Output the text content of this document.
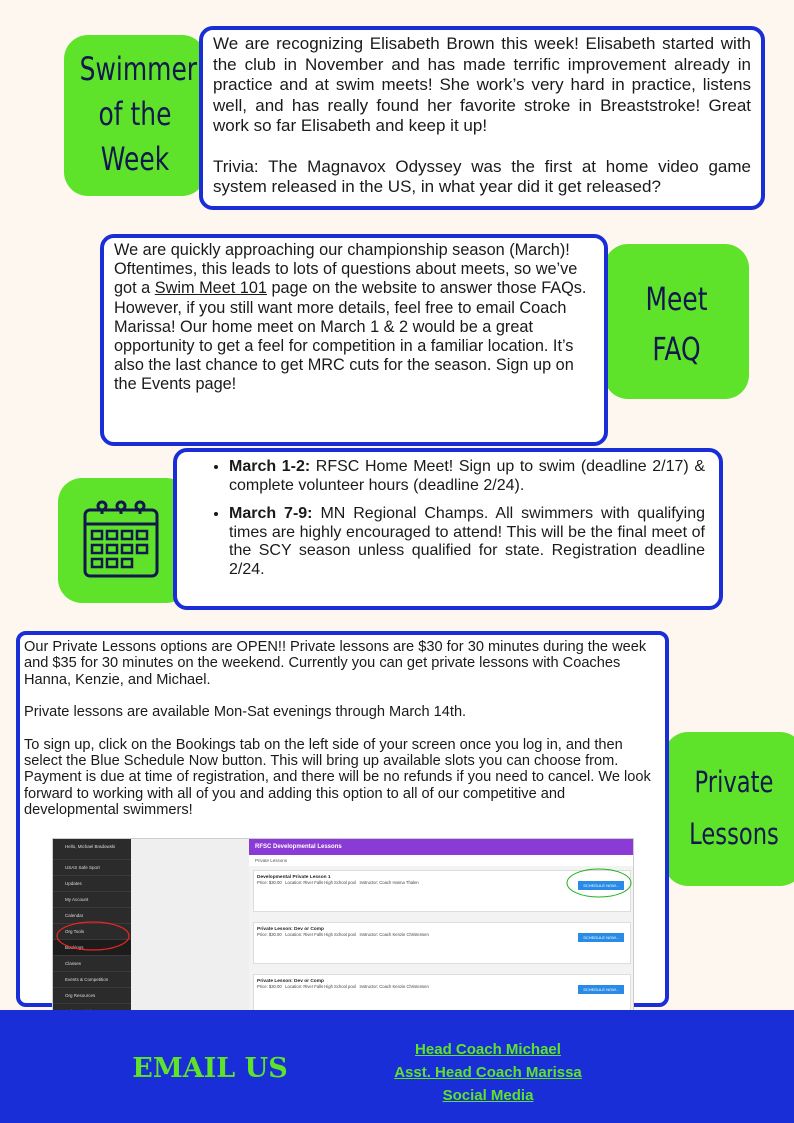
Swimmer
of the
Week

We are recognizing Elisabeth Brown this week! Elisabeth started with the club in November and has made terrific improvement already in practice and at swim meets! She work’s very hard in practice, listens well, and has really found her favorite stroke in Breaststroke! Great work so far Elisabeth and keep it up!

Trivia: The Magnavox Odyssey was the first at home video game system released in the US, in what year did it get released?

Meet
FAQ

We are quickly approaching our championship season (March)! Oftentimes, this leads to lots of questions about meets, so we’ve got a Swim Meet 101 page on the website to answer those FAQs. However, if you still want more details, feel free to email Coach Marissa! Our home meet on March 1 & 2 would be a great opportunity to get a feel for competition in a familiar location. It’s also the last chance to get MRC cuts for the season. Sign up on the Events page!

• March 1-2: RFSC Home Meet! Sign up to swim (deadline 2/17) & complete volunteer hours (deadline 2/24).
• March 7-9: MN Regional Champs. All swimmers with qualifying times are highly encouraged to attend! This will be the final meet of the SCY season unless qualified for state. Registration deadline 2/24.
Private
Lessons

Our Private Lessons options are OPEN!! Private lessons are $30 for 30 minutes during the week and $35 for 30 minutes on the weekend. Currently you can get private lessons with Coaches Hanna, Kenzie, and Michael.

Private lessons are available Mon-Sat evenings through March 14th.

To sign up, click on the Bookings tab on the left side of your screen once you log in, and then select the Blue Schedule Now button. This will bring up available slots you can choose from. Payment is due at time of registration, and there will be no refunds if you need to cancel. We look forward to working with all of you and adding this option to all of our competitive and developmental swimmers!

Hello, Michael Bradowski
USAS Safe Sport
Updates
My Account
Calendar
Org Tools
Bookings
Classes
Events & Competition
Org Resources
RFSC Developmental Lessons
Private Lessons
Developmental Private Lesson 1
Price: $30.00 Location: River Falls High School pool Instructor: Coach Hanna Thalen
SCHEDULE NOW...
Private Lesson: Dev or Comp
Price: $30.00 Location: River Falls High School pool Instructor: Coach Kenzie Christensen
SCHEDULE NOW...
Private Lesson: Dev or Comp
Price: $30.00 Location: River Falls High School pool Instructor: Coach Kenzie Christensen
SCHEDULE NOW...
EMAIL US
Head Coach Michael
Asst. Head Coach Marissa
Social Media
